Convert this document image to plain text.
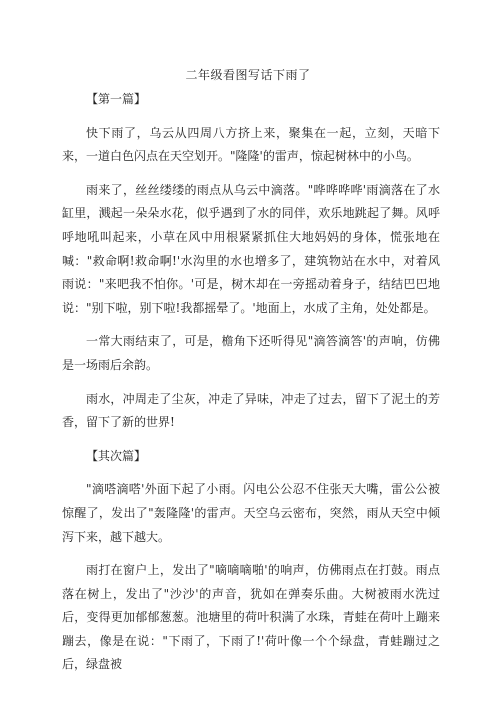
二年级看图写话下雨了

【第一篇】

快下雨了，乌云从四周八方挤上来，聚集在一起，立刻，天暗下来，一道白色闪点在天空划开。"隆隆'的雷声，惊起树林中的小鸟。

雨来了，丝丝缕缕的雨点从乌云中滴落。"哗哗哗哗'雨滴落在了水缸里，溅起一朵朵水花，似乎遇到了水的同伴，欢乐地跳起了舞。风呼呼地吼叫起来，小草在风中用根紧紧抓住大地妈妈的身体，慌张地在喊："救命啊!救命啊!'水沟里的水也增多了，建筑物站在水中，对着风雨说："来吧我不怕你。'可是，树木却在一旁摇动着身子，结结巴巴地说："别下啦，别下啦!我都摇晕了。'地面上，水成了主角，处处都是。

一常大雨结束了，可是，檐角下还听得见"滴答滴答'的声响，仿佛是一场雨后余韵。

雨水，冲周走了尘灰，冲走了异味，冲走了过去，留下了泥土的芳香，留下了新的世界!

【其次篇】

"滴嗒滴嗒'外面下起了小雨。闪电公公忍不住张天大嘴，雷公公被惊醒了，发出了"轰隆隆'的雷声。天空乌云密布，突然，雨从天空中倾泻下来，越下越大。

雨打在窗户上，发出了"嘀嘀嘀啪'的响声，仿佛雨点在打鼓。雨点落在树上，发出了"沙沙'的声音，犹如在弹奏乐曲。大树被雨水洗过后，变得更加郁郁葱葱。池塘里的荷叶积满了水珠，青蛙在荷叶上蹦来蹦去，像是在说："下雨了，下雨了!'荷叶像一个个绿盘，青蛙蹦过之后，绿盘被
